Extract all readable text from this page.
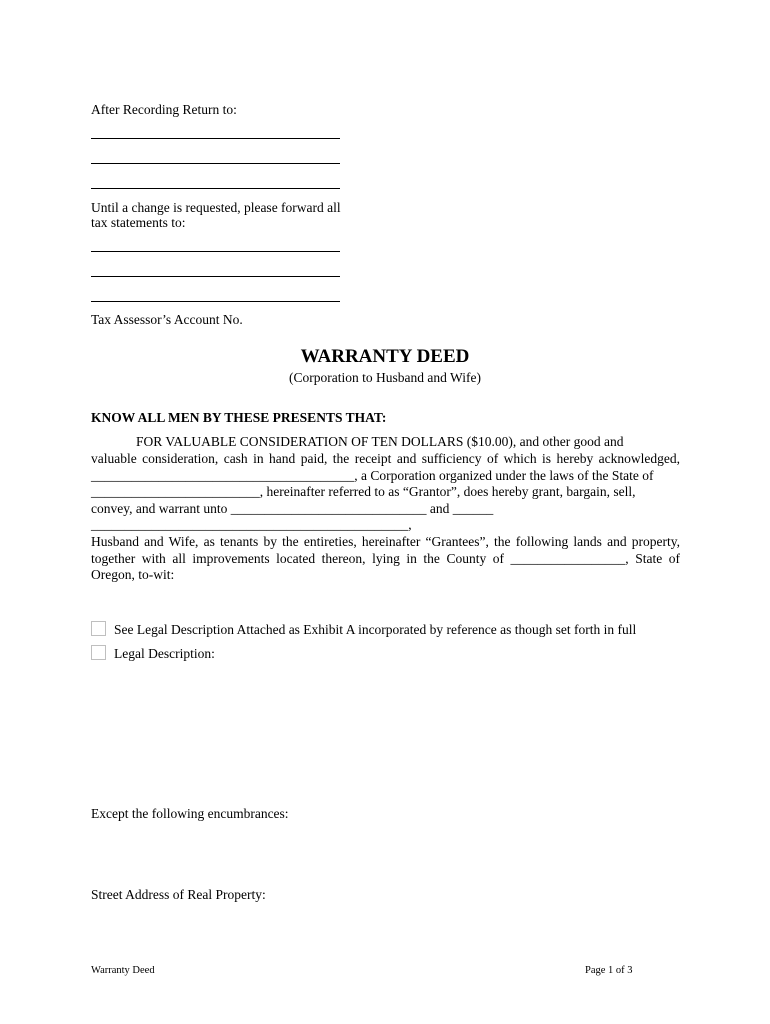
After Recording Return to:
Until a change is requested, please forward all
tax statements to:
Tax Assessor’s Account No.
WARRANTY DEED
(Corporation to Husband and Wife)
KNOW ALL MEN BY THESE PRESENTS THAT:
FOR VALUABLE CONSIDERATION OF TEN DOLLARS ($10.00), and other good and
valuable consideration, cash in hand paid, the receipt and sufficiency of which is hereby acknowledged,
_______________________________________, a Corporation organized under the laws of the State of
_________________________, hereinafter referred to as “Grantor”, does hereby grant, bargain, sell,
convey, and warrant unto _____________________________ and ______
_______________________________________________,
Husband and Wife, as tenants by the entireties, hereinafter “Grantees”, the following lands and property,
together with all improvements located thereon, lying in the County of _________________, State of
Oregon, to-wit:
See Legal Description Attached as Exhibit A incorporated by reference as though set forth in full
Legal Description:
Except the following encumbrances:
Street Address of Real Property:
Warranty Deed	Page 1 of 3
